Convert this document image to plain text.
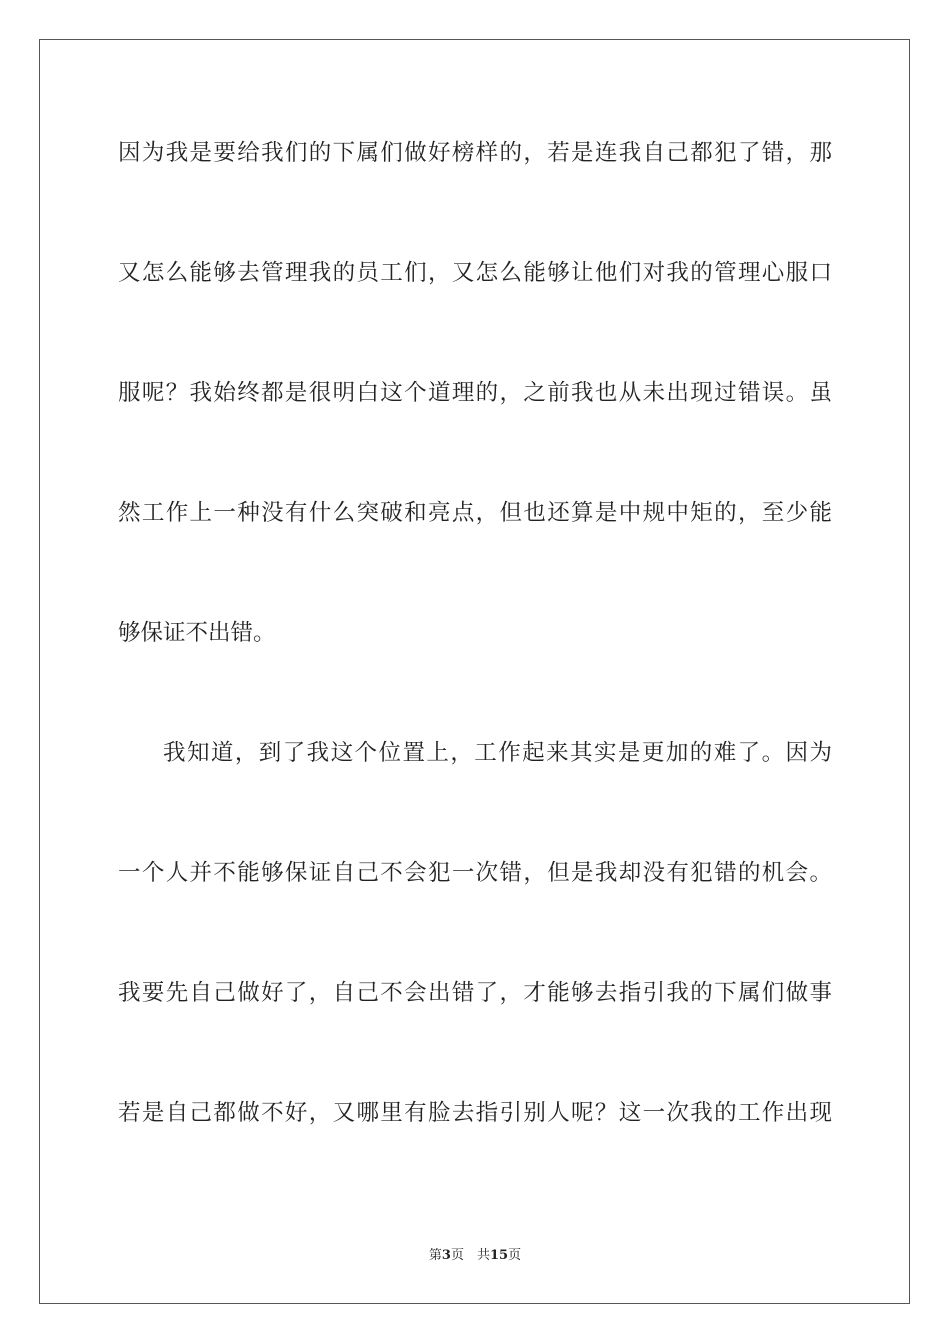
因为我是要给我们的下属们做好榜样的，若是连我自己都犯了错，那
又怎么能够去管理我的员工们，又怎么能够让他们对我的管理心服口
服呢？我始终都是很明白这个道理的，之前我也从未出现过错误。虽
然工作上一种没有什么突破和亮点，但也还算是中规中矩的，至少能
够保证不出错。
我知道，到了我这个位置上，工作起来其实是更加的难了。因为
一个人并不能够保证自己不会犯一次错，但是我却没有犯错的机会。
我要先自己做好了，自己不会出错了，才能够去指引我的下属们做事
若是自己都做不好，又哪里有脸去指引别人呢？这一次我的工作出现
第3页　共15页
